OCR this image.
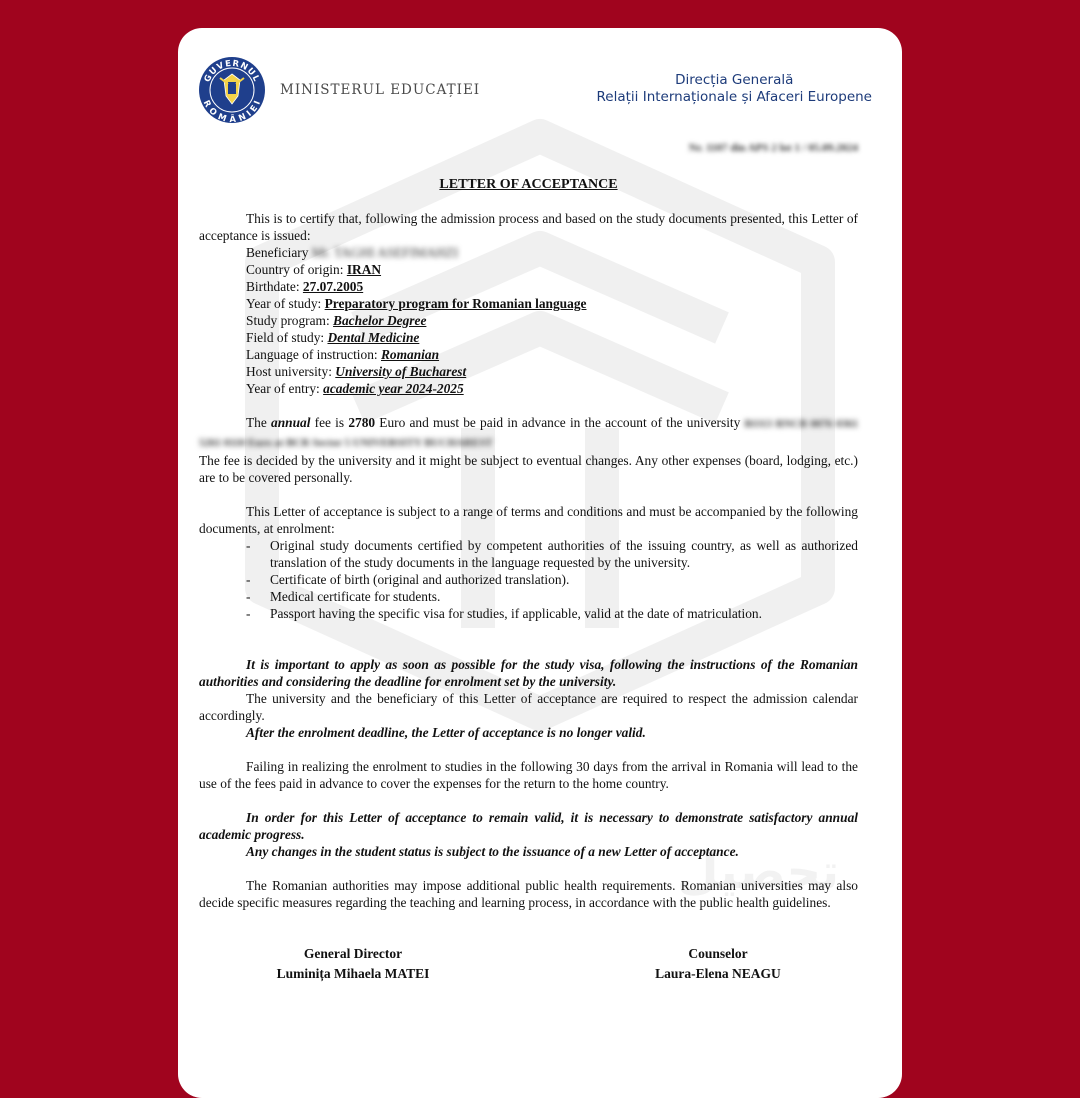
تحصیل
GUVERNUL
ROMÂNIEI
MINISTERUL EDUCAȚIEI
Direcția Generală
Relații Internaționale și Afaceri Europene
Nr. 1107 din APS 2 lot 1 / 05.09.2024
LETTER OF ACCEPTANCE

This is to certify that, following the admission process and based on the study documents presented, this Letter of acceptance is issued:

Beneficiary Mr. TAGHI ASEFIMAHZI
Country of origin: IRAN
Birthdate: 27.07.2005
Year of study: Preparatory program for Romanian language
Study program: Bachelor Degree
Field of study: Dental Medicine
Language of instruction: Romanian
Host university: University of Bucharest
Year of entry: academic year 2024-2025

The annual fee is 2780 Euro and must be paid in advance in the account of the university RO13 RNCB 0076 0361 5261 0110 Euro at BCR Sector 5 UNIVERSITY BUCHAREST

The fee is decided by the university and it might be subject to eventual changes. Any other expenses (board, lodging, etc.) are to be covered personally.

This Letter of acceptance is subject to a range of terms and conditions and must be accompanied by the following documents, at enrolment:

- Original study documents certified by competent authorities of the issuing country, as well as authorized translation of the study documents in the language requested by the university.
- Certificate of birth (original and authorized translation).
- Medical certificate for students.
- Passport having the specific visa for studies, if applicable, valid at the date of matriculation.

It is important to apply as soon as possible for the study visa, following the instructions of the Romanian authorities and considering the deadline for enrolment set by the university.

The university and the beneficiary of this Letter of acceptance are required to respect the admission calendar accordingly.

After the enrolment deadline, the Letter of acceptance is no longer valid.

Failing in realizing the enrolment to studies in the following 30 days from the arrival in Romania will lead to the use of the fees paid in advance to cover the expenses for the return to the home country.

In order for this Letter of acceptance to remain valid, it is necessary to demonstrate satisfactory annual academic progress.

Any changes in the student status is subject to the issuance of a new Letter of acceptance.

The Romanian authorities may impose additional public health requirements. Romanian universities may also decide specific measures regarding the teaching and learning process, in accordance with the public health guidelines.

General Director
Luminița Mihaela MATEI
Counselor
Laura-Elena NEAGU
